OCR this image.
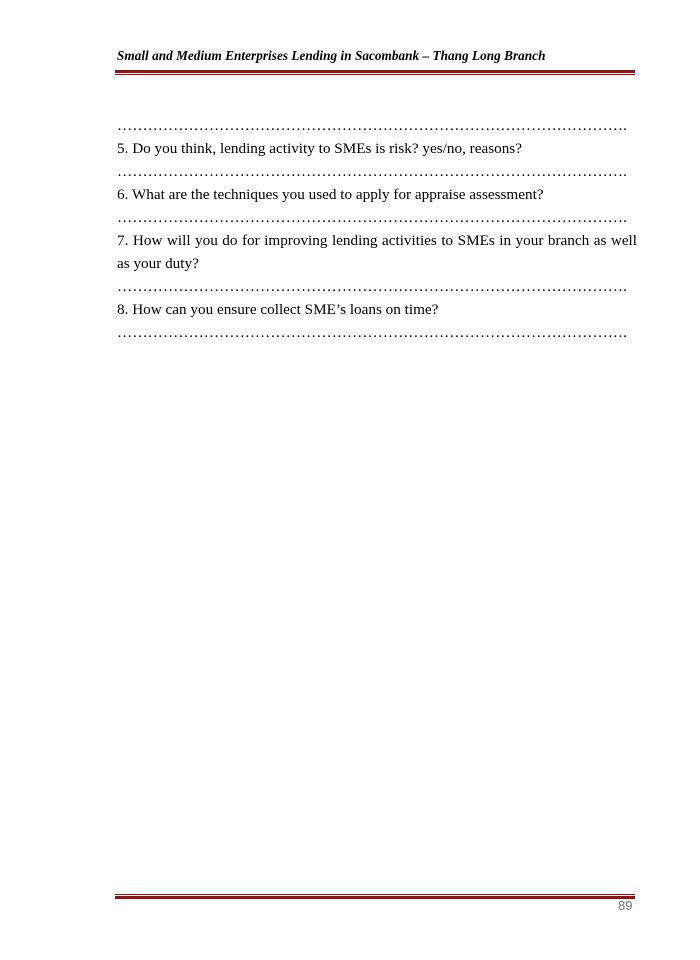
Small and Medium Enterprises Lending in Sacombank – Thang Long Branch
……………………………………………………………………………………….
5. Do you think, lending activity to SMEs is risk? yes/no, reasons?
……………………………………………………………………………………….
6. What are the techniques you used to apply for appraise assessment?
……………………………………………………………………………………….
7. How will you do for improving lending activities to SMEs in your branch as well as your duty?
……………………………………………………………………………………….
8. How can you ensure collect SME’s loans on time?
……………………………………………………………………………………….
89
